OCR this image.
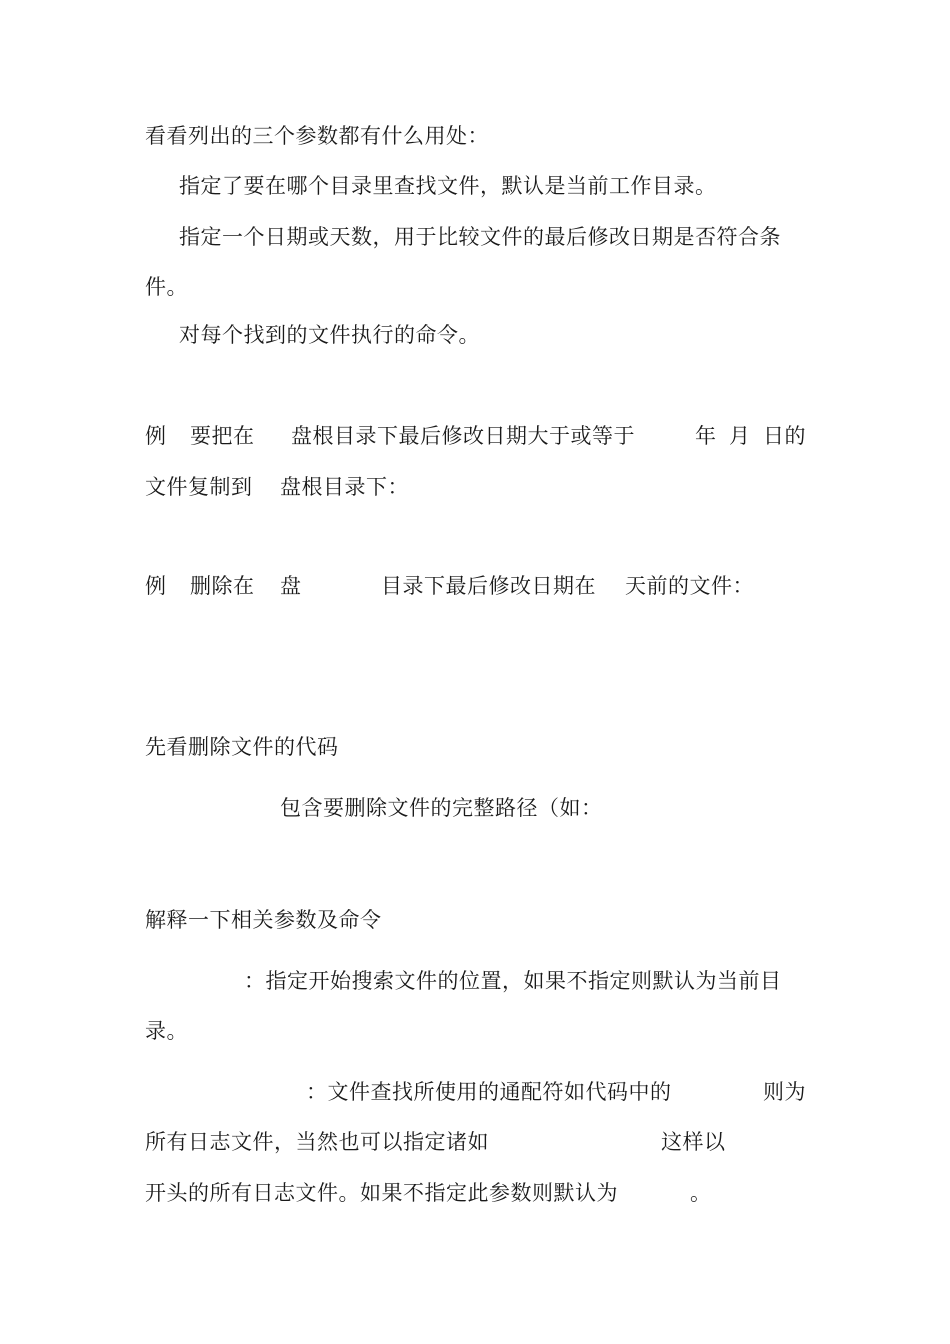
看看列出的三个参数都有什么用处：
指定了要在哪个目录里查找文件，默认是当前工作目录。
指定一个日期或天数，用于比较文件的最后修改日期是否符合条
件。
对每个找到的文件执行的命令。
例 要把在 盘根目录下最后修改日期大于或等于	年 月 日的
文件复制到 盘根目录下：
例 删除在 盘	目录下最后修改日期在 天前的文件：
先看删除文件的代码
包含要删除文件的完整路径（如：
解释一下相关参数及命令
：指定开始搜索文件的位置，如果不指定则默认为当前目
录。
：文件查找所使用的通配符如代码中的	则为
所有日志文件，当然也可以指定诸如	这样以
开头的所有日志文件。如果不指定此参数则默认为	。
